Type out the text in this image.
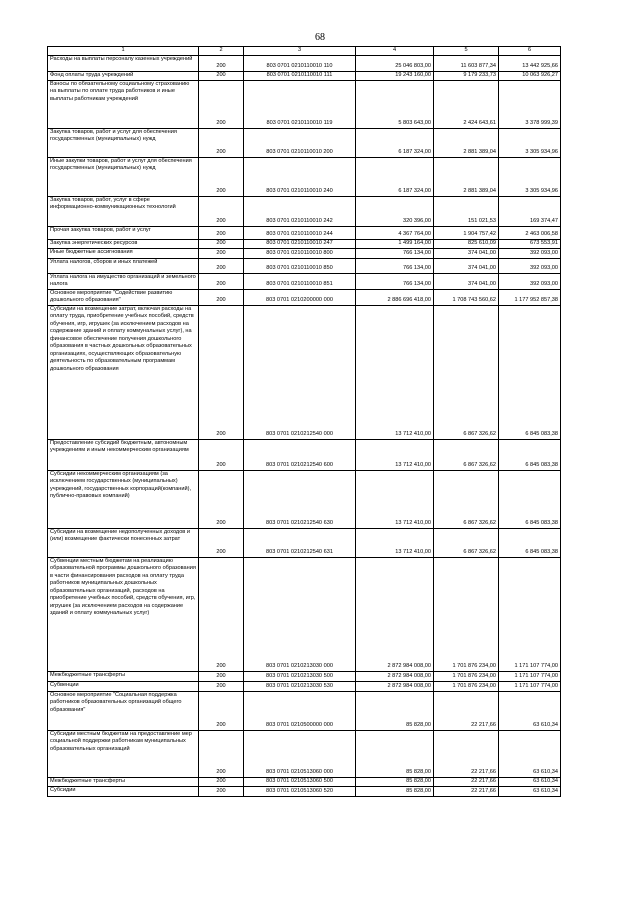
68
1	2	3	4	5	6
Расходы на выплаты персоналу казенных учреждений	200	803 0701 0210110010 110	25 046 803,00	11 603 877,34	13 442 925,66
Фонд оплаты труда учреждений	200	803 0701 0210110010 111	19 243 160,00	9 179 233,73	10 063 926,27
Взносы по обязательному социальному страхованию на выплаты по оплате труда работников и иные выплаты работникам учреждений	200	803 0701 0210110010 119	5 803 643,00	2 424 643,61	3 378 999,39
Закупка товаров, работ и услуг для обеспечения государственных (муниципальных) нужд	200	803 0701 0210110010 200	6 187 324,00	2 881 389,04	3 305 934,96
Иные закупки товаров, работ и услуг для обеспечения государственных (муниципальных) нужд	200	803 0701 0210110010 240	6 187 324,00	2 881 389,04	3 305 934,96
Закупка товаров, работ, услуг в сфере информационно-коммуникационных технологий	200	803 0701 0210110010 242	320 396,00	151 021,53	169 374,47
Прочая закупка товаров, работ и услуг	200	803 0701 0210110010 244	4 367 764,00	1 904 757,42	2 463 006,58
Закупка энергетических ресурсов	200	803 0701 0210110010 247	1 499 164,00	825 610,09	673 553,91
Иные бюджетные ассигнования	200	803 0701 0210110010 800	766 134,00	374 041,00	392 093,00
Уплата налогов, сборов и иных платежей	200	803 0701 0210110010 850	766 134,00	374 041,00	392 093,00
Уплата налога на имущество организаций и земельного налога	200	803 0701 0210110010 851	766 134,00	374 041,00	392 093,00
Основное мероприятие "Содействие развитию дошкольного образования"	200	803 0701 0210200000 000	2 886 696 418,00	1 708 743 560,62	1 177 952 857,38
Субсидии на возмещение затрат, включая расходы на оплату труда, приобретение учебных пособий, средств обучения, игр, игрушек (за исключением расходов на содержание зданий и оплату коммунальных услуг), на финансовое обеспечение получения дошкольного образования в частных дошкольных образовательных организациях, осуществляющих образовательную деятельность по образовательным программам дошкольного образования	200	803 0701 0210212540 000	13 712 410,00	6 867 326,62	6 845 083,38
Предоставление субсидий бюджетным, автономным учреждениям и иным некоммерческим организациям	200	803 0701 0210212540 600	13 712 410,00	6 867 326,62	6 845 083,38
Субсидии некоммерческим организациям (за исключением государственных (муниципальных) учреждений, государственных корпораций(компаний), публично-правовых компаний)	200	803 0701 0210212540 630	13 712 410,00	6 867 326,62	6 845 083,38
Субсидии на возмещение недополученных доходов и (или) возмещение фактически понесенных затрат	200	803 0701 0210212540 631	13 712 410,00	6 867 326,62	6 845 083,38
Субвенции местным бюджетам на реализацию образовательной программы дошкольного образования в части финансирования расходов на оплату труда работников муниципальных дошкольных образовательных организаций, расходов на приобретение учебных пособий, средств обучения, игр, игрушек (за исключением расходов на содержание зданий и оплату коммунальных услуг)	200	803 0701 0210213030 000	2 872 984 008,00	1 701 876 234,00	1 171 107 774,00
Межбюджетные трансферты	200	803 0701 0210213030 500	2 872 984 008,00	1 701 876 234,00	1 171 107 774,00
Субвенции	200	803 0701 0210213030 530	2 872 984 008,00	1 701 876 234,00	1 171 107 774,00
Основное мероприятие "Социальная поддержка работников образовательных организаций общего образования"	200	803 0701 0210500000 000	85 828,00	22 217,66	63 610,34
Субсидии местным бюджетам на предоставление мер социальной поддержки работникам муниципальных образовательных организаций	200	803 0701 0210513060 000	85 828,00	22 217,66	63 610,34
Межбюджетные трансферты	200	803 0701 0210513060 500	85 828,00	22 217,66	63 610,34
Субсидии	200	803 0701 0210513060 520	85 828,00	22 217,66	63 610,34
